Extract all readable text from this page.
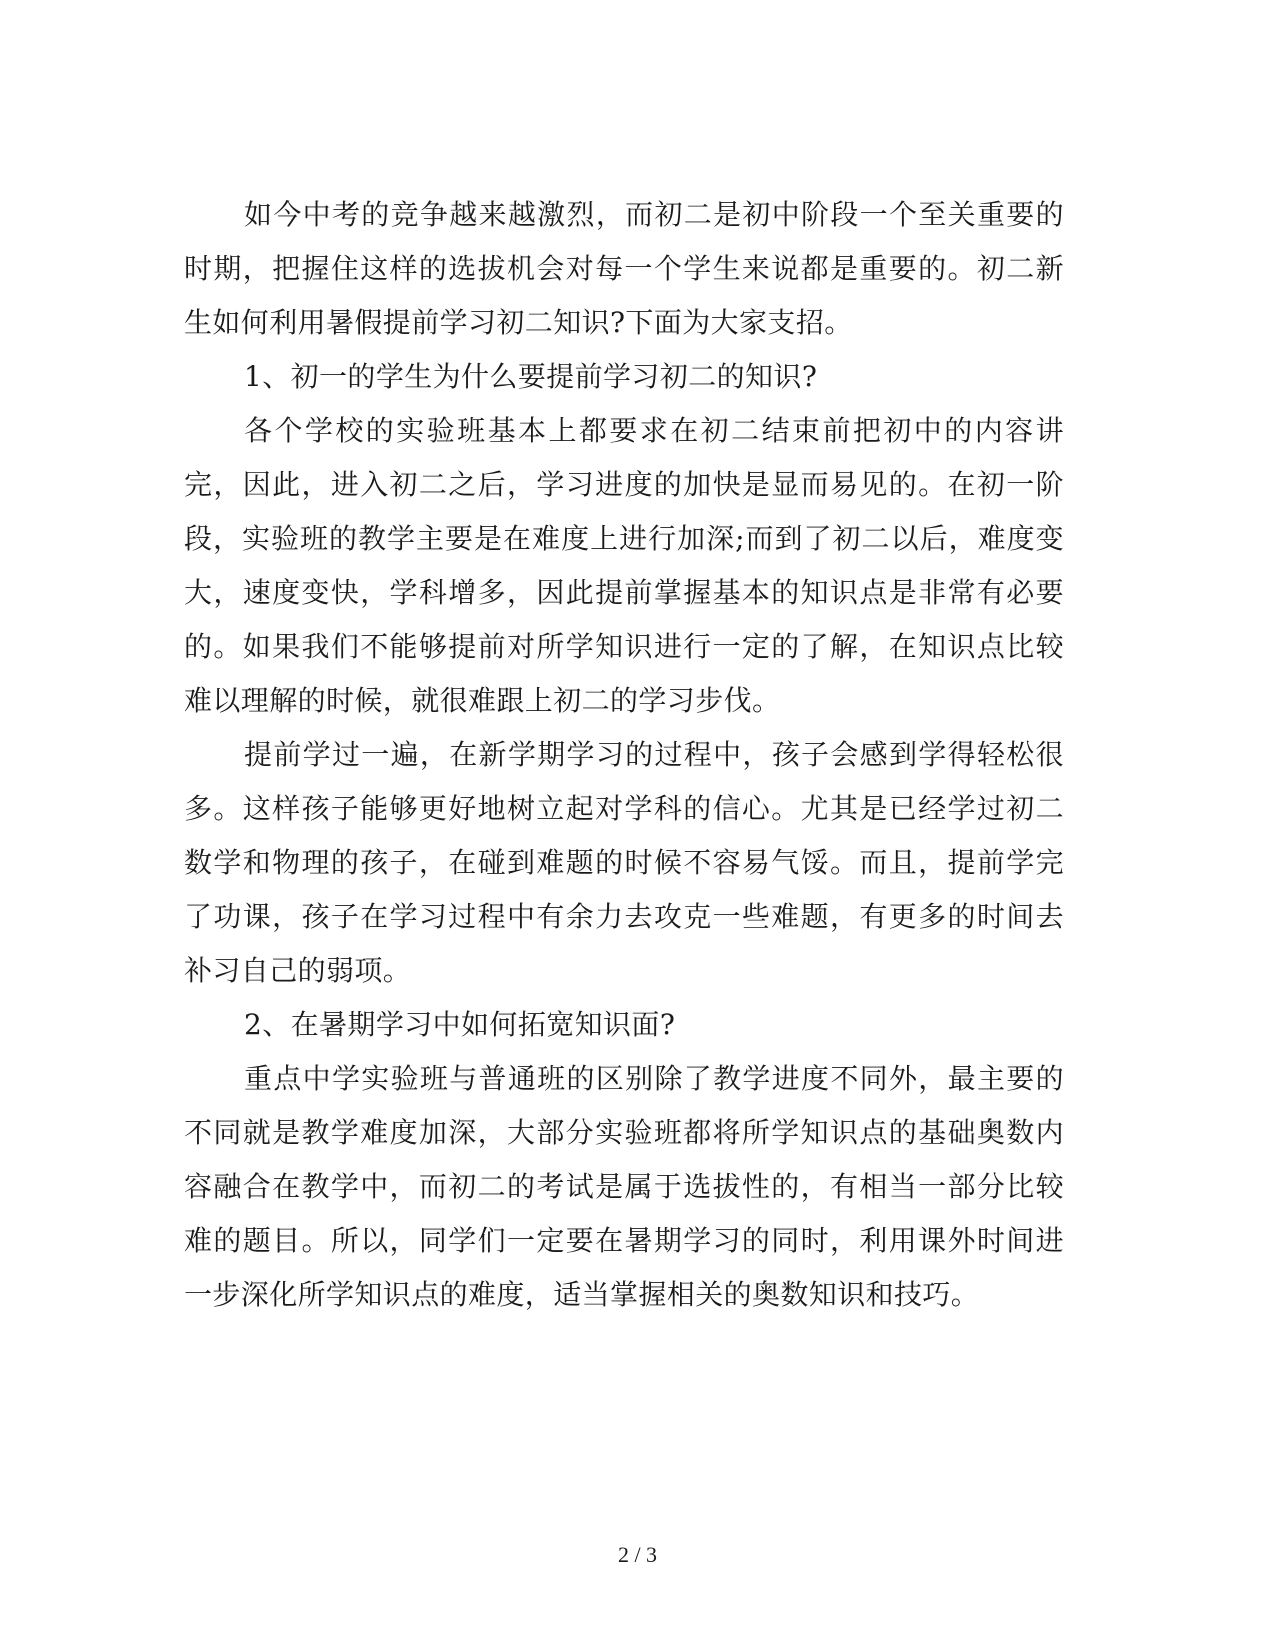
如今中考的竞争越来越激烈，而初二是初中阶段一个至关重要的时期，把握住这样的选拔机会对每一个学生来说都是重要的。初二新生如何利用暑假提前学习初二知识?下面为大家支招。

1、初一的学生为什么要提前学习初二的知识?

各个学校的实验班基本上都要求在初二结束前把初中的内容讲完，因此，进入初二之后，学习进度的加快是显而易见的。在初一阶段，实验班的教学主要是在难度上进行加深;而到了初二以后，难度变大，速度变快，学科增多，因此提前掌握基本的知识点是非常有必要的。如果我们不能够提前对所学知识进行一定的了解，在知识点比较难以理解的时候，就很难跟上初二的学习步伐。

提前学过一遍，在新学期学习的过程中，孩子会感到学得轻松很多。这样孩子能够更好地树立起对学科的信心。尤其是已经学过初二数学和物理的孩子，在碰到难题的时候不容易气馁。而且，提前学完了功课，孩子在学习过程中有余力去攻克一些难题，有更多的时间去补习自己的弱项。

2、在暑期学习中如何拓宽知识面?

重点中学实验班与普通班的区别除了教学进度不同外，最主要的不同就是教学难度加深，大部分实验班都将所学知识点的基础奥数内容融合在教学中，而初二的考试是属于选拔性的，有相当一部分比较难的题目。所以，同学们一定要在暑期学习的同时，利用课外时间进一步深化所学知识点的难度，适当掌握相关的奥数知识和技巧。

2 / 3
